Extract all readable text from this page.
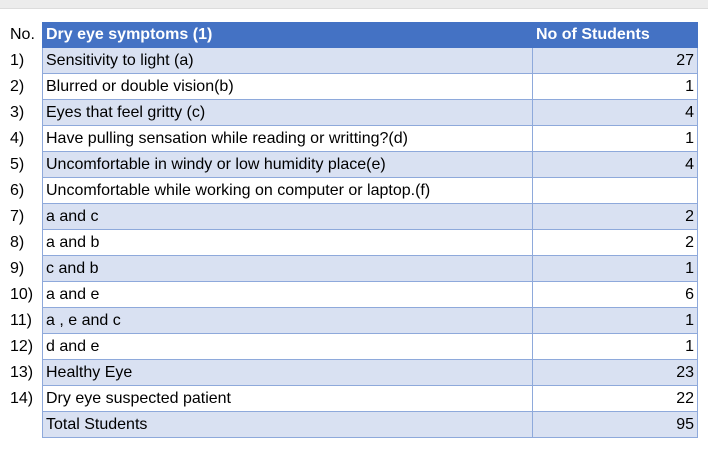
No. Dry eye symptoms (1)	No of Students
1)	Sensitivity to light (a)	27
2)	Blurred or double vision(b)	1
3)	Eyes that feel gritty (c)	4
4)	Have pulling sensation while reading or writting?(d)	1
5)	Uncomfortable in windy or low humidity place(e)	4
6)	Uncomfortable while working on computer or laptop.(f)
7)	a and c	2
8)	a and b	2
9)	c and b	1
10) a and e	6
11) a , e and c	1
12) d and e	1
13) Healthy Eye	23
14) Dry eye suspected patient	22
Total Students	95
